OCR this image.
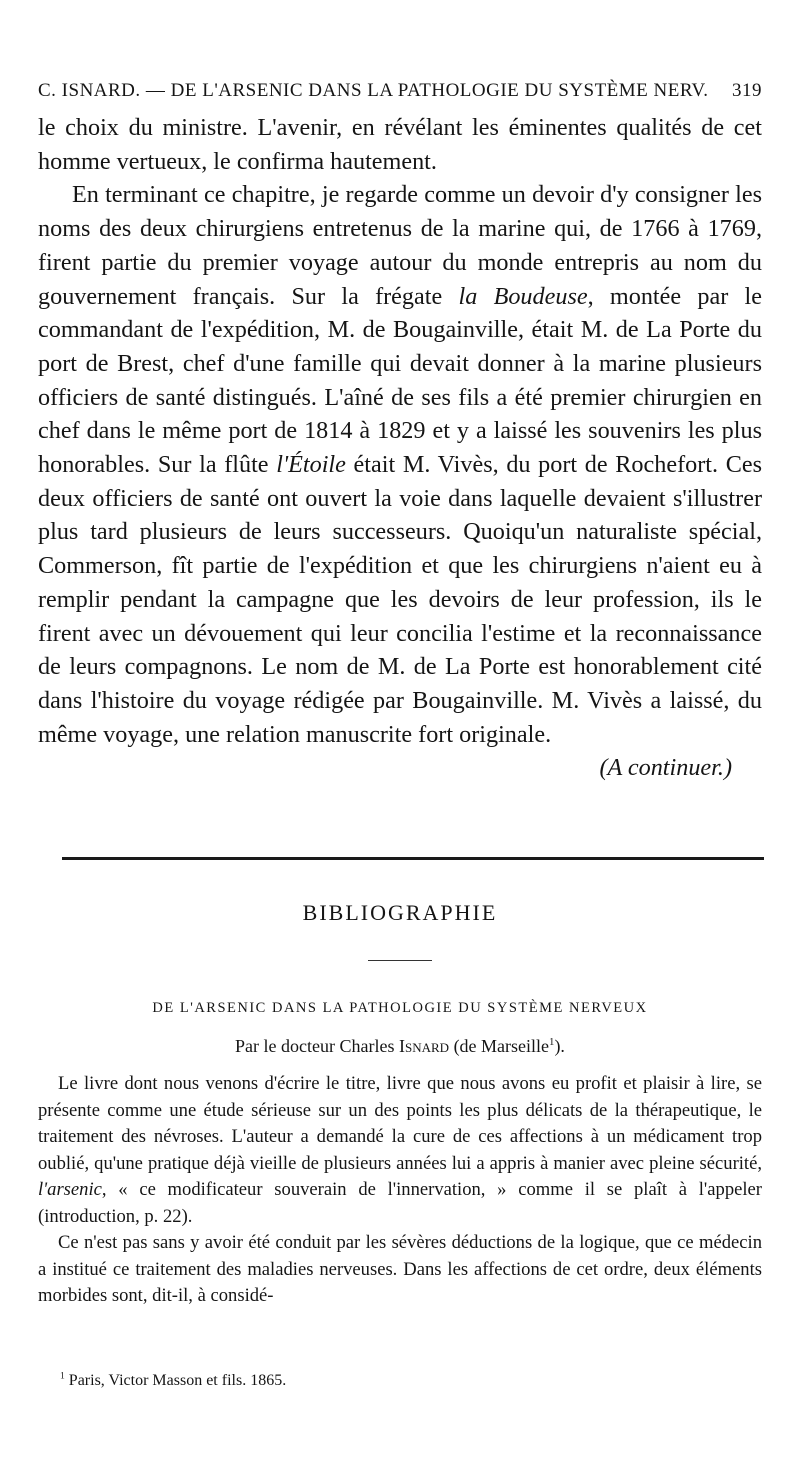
C. ISNARD. — DE L'ARSENIC DANS LA PATHOLOGIE DU SYSTÈME NERV. 319

le choix du ministre. L'avenir, en révélant les éminentes qualités de cet homme vertueux, le confirma hautement.

En terminant ce chapitre, je regarde comme un devoir d'y consigner les noms des deux chirurgiens entretenus de la marine qui, de 1766 à 1769, firent partie du premier voyage autour du monde entrepris au nom du gouvernement français. Sur la frégate la Boudeuse, montée par le commandant de l'expédition, M. de Bougainville, était M. de La Porte du port de Brest, chef d'une famille qui devait donner à la marine plusieurs officiers de santé distingués. L'aîné de ses fils a été premier chirurgien en chef dans le même port de 1814 à 1829 et y a laissé les souvenirs les plus honorables. Sur la flûte l'Étoile était M. Vivès, du port de Rochefort. Ces deux officiers de santé ont ouvert la voie dans laquelle devaient s'illustrer plus tard plusieurs de leurs successeurs. Quoiqu'un naturaliste spécial, Commerson, fît partie de l'expédition et que les chirurgiens n'aient eu à remplir pendant la campagne que les devoirs de leur profession, ils le firent avec un dévouement qui leur concilia l'estime et la reconnaissance de leurs compagnons. Le nom de M. de La Porte est honorablement cité dans l'histoire du voyage rédigée par Bougainville. M. Vivès a laissé, du même voyage, une relation manuscrite fort originale.

(A continuer.)

BIBLIOGRAPHIE
DE L'ARSENIC DANS LA PATHOLOGIE DU SYSTÈME NERVEUX
Par le docteur Charles Isnard (de Marseille$^1$).

Le livre dont nous venons d'écrire le titre, livre que nous avons eu profit et plaisir à lire, se présente comme une étude sérieuse sur un des points les plus délicats de la thérapeutique, le traitement des névroses. L'auteur a demandé la cure de ces affections à un médicament trop oublié, qu'une pratique déjà vieille de plusieurs années lui a appris à manier avec pleine sécurité, l'arsenic, « ce modificateur souverain de l'innervation, » comme il se plaît à l'appeler (introduction, p. 22).

Ce n'est pas sans y avoir été conduit par les sévères déductions de la logique, que ce médecin a institué ce traitement des maladies nerveuses. Dans les affections de cet ordre, deux éléments morbides sont, dit-il, à considé-

$^1$ Paris, Victor Masson et fils. 1865.
